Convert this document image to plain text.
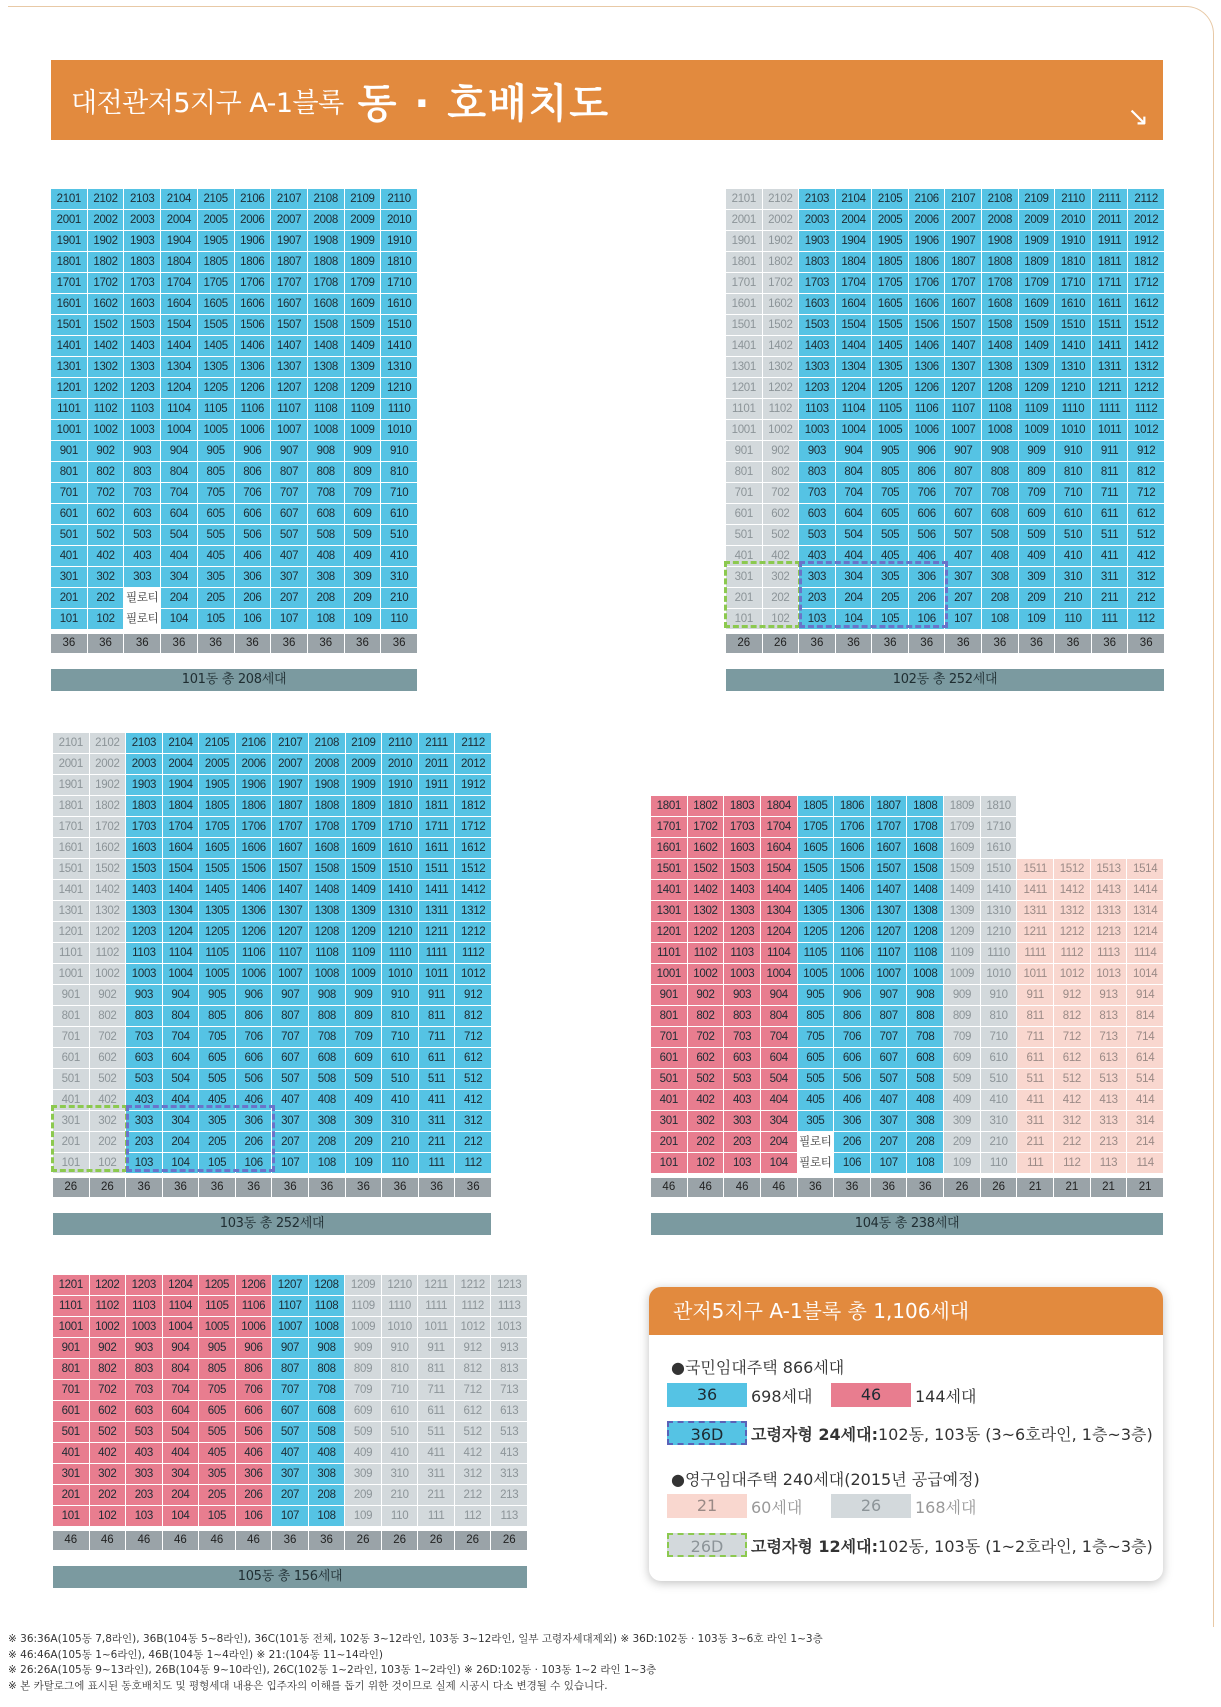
대전관저5지구 A-1블록 동 · 호배치도	↘
2101	2102	2103	2104	2105	2106	2107	2108	2109	2110
2001	2002	2003	2004	2005	2006	2007	2008	2009	2010
1901	1902	1903	1904	1905	1906	1907	1908	1909	1910
1801	1802	1803	1804	1805	1806	1807	1808	1809	1810
1701	1702	1703	1704	1705	1706	1707	1708	1709	1710
1601	1602	1603	1604	1605	1606	1607	1608	1609	1610
1501	1502	1503	1504	1505	1506	1507	1508	1509	1510
1401	1402	1403	1404	1405	1406	1407	1408	1409	1410
1301	1302	1303	1304	1305	1306	1307	1308	1309	1310
1201	1202	1203	1204	1205	1206	1207	1208	1209	1210
1101	1102	1103	1104	1105	1106	1107	1108	1109	1110
1001	1002	1003	1004	1005	1006	1007	1008	1009	1010
901	902	903	904	905	906	907	908	909	910
801	802	803	804	805	806	807	808	809	810
701	702	703	704	705	706	707	708	709	710
601	602	603	604	605	606	607	608	609	610
501	502	503	504	505	506	507	508	509	510
401	402	403	404	405	406	407	408	409	410
301	302	303	304	305	306	307	308	309	310
201	202 필로티 204	205	206	207	208	209	210
101	102 필로티 104	105	106	107	108	109	110
36	36	36	36	36	36	36	36	36	36
101동 총 208세대
2101	2102	2103	2104	2105	2106	2107	2108	2109	2110	2111	2112
2001	2002	2003	2004	2005	2006	2007	2008	2009	2010	2011	2012
1901	1902	1903	1904	1905	1906	1907	1908	1909	1910	1911	1912
1801	1802	1803	1804	1805	1806	1807	1808	1809	1810	1811	1812
1701	1702	1703	1704	1705	1706	1707	1708	1709	1710	1711	1712
1601	1602	1603	1604	1605	1606	1607	1608	1609	1610	1611	1612
1501	1502	1503	1504	1505	1506	1507	1508	1509	1510	1511	1512
1401	1402	1403	1404	1405	1406	1407	1408	1409	1410	1411	1412
1301	1302	1303	1304	1305	1306	1307	1308	1309	1310	1311	1312
1201	1202	1203	1204	1205	1206	1207	1208	1209	1210	1211	1212
1101	1102	1103	1104	1105	1106	1107	1108	1109	1110	1111	1112
1001	1002	1003	1004	1005	1006	1007	1008	1009	1010	1011	1012
901	902	903	904	905	906	907	908	909	910	911	912
801	802	803	804	805	806	807	808	809	810	811	812
701	702	703	704	705	706	707	708	709	710	711	712
601	602	603	604	605	606	607	608	609	610	611	612
501	502	503	504	505	506	507	508	509	510	511	512
401	402	403	404	405	406	407	408	409	410	411	412
301	302	303	304	305	306	307	308	309	310	311	312
201	202	203	204	205	206	207	208	209	210	211	212
101	102	103	104	105	106	107	108	109	110	111	112
26	26	36	36	36	36	36	36	36	36	36	36
102동 총 252세대
2101	2102	2103	2104	2105	2106	2107	2108	2109	2110	2111	2112
2001	2002	2003	2004	2005	2006	2007	2008	2009	2010	2011	2012
1901	1902	1903	1904	1905	1906	1907	1908	1909	1910	1911	1912
1801	1802	1803	1804	1805	1806	1807	1808	1809	1810	1811	1812
1701	1702	1703	1704	1705	1706	1707	1708	1709	1710	1711	1712
1601	1602	1603	1604	1605	1606	1607	1608	1609	1610	1611	1612
1501	1502	1503	1504	1505	1506	1507	1508	1509	1510	1511	1512
1401	1402	1403	1404	1405	1406	1407	1408	1409	1410	1411	1412
1301	1302	1303	1304	1305	1306	1307	1308	1309	1310	1311	1312
1201	1202	1203	1204	1205	1206	1207	1208	1209	1210	1211	1212
1101	1102	1103	1104	1105	1106	1107	1108	1109	1110	1111	1112
1001	1002	1003	1004	1005	1006	1007	1008	1009	1010	1011	1012
901	902	903	904	905	906	907	908	909	910	911	912
801	802	803	804	805	806	807	808	809	810	811	812
701	702	703	704	705	706	707	708	709	710	711	712
601	602	603	604	605	606	607	608	609	610	611	612
501	502	503	504	505	506	507	508	509	510	511	512
401	402	403	404	405	406	407	408	409	410	411	412
301	302	303	304	305	306	307	308	309	310	311	312
201	202	203	204	205	206	207	208	209	210	211	212
101	102	103	104	105	106	107	108	109	110	111	112
26	26	36	36	36	36	36	36	36	36	36	36
103동 총 252세대
1801	1802	1803	1804	1805	1806	1807	1808	1809	1810
1701	1702	1703	1704	1705	1706	1707	1708	1709	1710
1601	1602	1603	1604	1605	1606	1607	1608	1609	1610
1501	1502	1503	1504	1505	1506	1507	1508	1509	1510	1511	1512	1513	1514
1401	1402	1403	1404	1405	1406	1407	1408	1409	1410	1411	1412	1413	1414
1301	1302	1303	1304	1305	1306	1307	1308	1309	1310	1311	1312	1313	1314
1201	1202	1203	1204	1205	1206	1207	1208	1209	1210	1211	1212	1213	1214
1101	1102	1103	1104	1105	1106	1107	1108	1109	1110	1111	1112	1113	1114
1001	1002	1003	1004	1005	1006	1007	1008	1009	1010	1011	1012	1013	1014
901	902	903	904	905	906	907	908	909	910	911	912	913	914
801	802	803	804	805	806	807	808	809	810	811	812	813	814
701	702	703	704	705	706	707	708	709	710	711	712	713	714
601	602	603	604	605	606	607	608	609	610	611	612	613	614
501	502	503	504	505	506	507	508	509	510	511	512	513	514
401	402	403	404	405	406	407	408	409	410	411	412	413	414
301	302	303	304	305	306	307	308	309	310	311	312	313	314
201	202	203	204 필로티 206	207	208	209	210	211	212	213	214
101	102	103	104 필로티 106	107	108	109	110	111	112	113	114
46	46	46	46	36	36	36	36	26	26	21	21	21	21
104동 총 238세대
1201	1202	1203	1204	1205	1206	1207	1208	1209	1210	1211	1212	1213
1101	1102	1103	1104	1105	1106	1107	1108	1109	1110	1111	1112	1113
1001	1002	1003	1004	1005	1006	1007	1008	1009	1010	1011	1012	1013
901	902	903	904	905	906	907	908	909	910	911	912	913
801	802	803	804	805	806	807	808	809	810	811	812	813
701	702	703	704	705	706	707	708	709	710	711	712	713
601	602	603	604	605	606	607	608	609	610	611	612	613
501	502	503	504	505	506	507	508	509	510	511	512	513
401	402	403	404	405	406	407	408	409	410	411	412	413
301	302	303	304	305	306	307	308	309	310	311	312	313
201	202	203	204	205	206	207	208	209	210	211	212	213
101	102	103	104	105	106	107	108	109	110	111	112	113
46	46	46	46	46	46	36	36	26	26	26	26	26
105동 총 156세대
관저5지구 A-1블록 총 1,106세대
●국민임대주택 866세대
36	698세대	46	144세대
36D	고령자형 24세대: 102동, 103동 (3~6호라인, 1층~3층)
●영구임대주택 240세대(2015년 공급예정)
21	60세대	26	168세대
26D	고령자형 12세대: 102동, 103동 (1~2호라인, 1층~3층)
※ 36:36A(105동 7,8라인), 36B(104동 5~8라인), 36C(101동 전체, 102동 3~12라인, 103동 3~12라인, 일부 고령자세대제외) ※ 36D:102동 · 103동 3~6호 라인 1~3층
※ 46:46A(105동 1~6라인), 46B(104동 1~4라인) ※ 21:(104동 11~14라인)
※ 26:26A(105동 9~13라인), 26B(104동 9~10라인), 26C(102동 1~2라인, 103동 1~2라인) ※ 26D:102동 · 103동 1~2 라인 1~3층
※ 본 카탈로그에 표시된 동호배치도 및 평형세대 내용은 입주자의 이해를 돕기 위한 것이므로 실제 시공시 다소 변경될 수 있습니다.
